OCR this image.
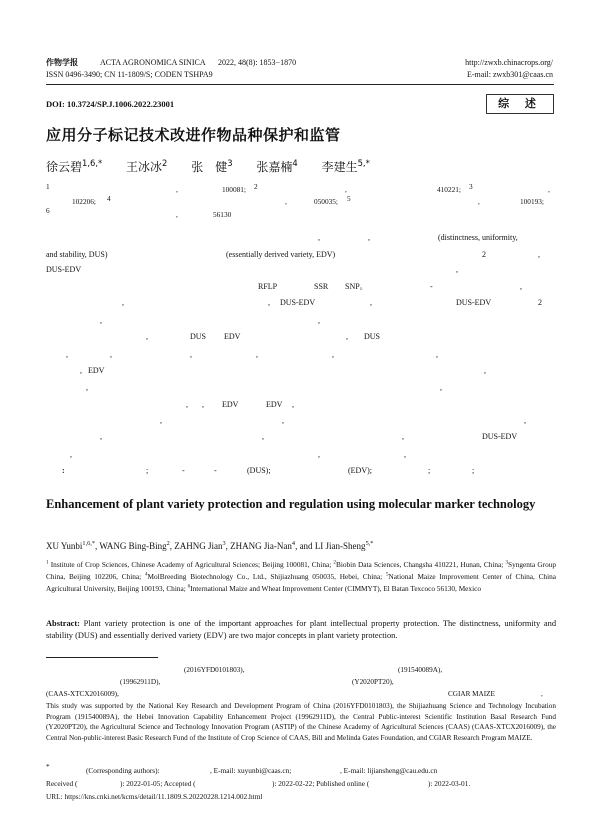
作物学报	ACTA AGRONOMICA SINICA 2022, 48(8): 1853−1870
ISSN 0496-3490; CN 11-1809/S; CODEN TSHPA9
http://zwxb.chinacrops.org/
E-mail: zwxb301@caas.cn
DOI: 10.3724/SP.J.1006.2022.23001	综 述
应用分子标记技术改进作物品种保护和监管
徐云碧$^{1,6,*}$ 王冰冰$^2$ 张　健$^3$ 张嘉楠$^4$ 李建生$^{5,*}$
1	,	100081; 2	,	410221; 3	,
102206; 4	,	050035; 5	,	100193;
6	,	56130
,	,	(distinctness, uniformity,
and stability, DUS)	(essentially derived variety, EDV)	2	,
DUS-EDV	,
RFLP	SSR SNP。	-	,
,	, DUS-EDV	,	DUS-EDV	2
,	,
,	DUS EDV	, DUS
,	,	,	,	,	,
, EDV	,
,	,
, , EDV	EDV ,
,	,	,
,	,	,	DUS-EDV
,	,	,
:	;	-	-	(DUS);	(EDV);	;	;
Enhancement of plant variety protection and regulation using molecular marker technology
XU Yunbi$^{1,6,*}$, WANG Bing-Bing$^2$, ZAHNG Jian$^3$, ZHANG Jia-Nan$^4$, and LI Jian-Sheng$^{5,*}$
$^1$ Institute of Crop Sciences, Chinese Academy of Agricultural Sciences; Beijing 100081, China; $^2$Biobin Data Sciences, Changsha 410221, Hunan, China; $^3$Syngenta Group China, Beijing 102206, China; $^4$MolBreeding Biotechnology Co., Ltd., Shijiazhuang 050035, Hebei, China; $^5$National Maize Improvement Center of China, China Agricultural University, Beijing 100193, China; $^6$International Maize and Wheat Improvement Center (CIMMYT), El Batan Texcoco 56130, Mexico
Abstract: Plant variety protection is one of the important approaches for plant intellectual property protection. The distinctness, uniformity and stability (DUS) and essentially derived variety (EDV) are two major concepts in plant variety protection.
(2016YFD0101803),	(191540089A),
(19962911D),	(Y2020PT20),
(CAAS-XTCX2016009),	CGIAR MAIZE	,
This study was supported by the National Key Research and Development Program of China (2016YFD0101803), the Shijiazhuang Science and Technology Incubation Program (191540089A), the Hebei Innovation Capability Enhancement Project (19962911D), the Central Public-interest Scientific Institution Basal Research Fund (Y2020PT20), the Agricultural Science and Technology Innovation Program (ASTIP) of the Chinese Academy of Agricultural Sciences (CAAS) (CAAS-XTCX2016009), the Central Non-public-interest Basic Research Fund of the Institute of Crop Science of CAAS, Bill and Melinda Gates Foundation, and CGIAR Research Program MAIZE.
*	(Corresponding authors):	, E-mail: xuyunbi@caas.cn;	, E-mail: lijiansheng@cau.edu.cn
Received (	): 2022-01-05; Accepted (	): 2022-02-22; Published online (	): 2022-03-01.
URL: https://kns.cnki.net/kcms/detail/11.1809.S.20220228.1214.002.html
